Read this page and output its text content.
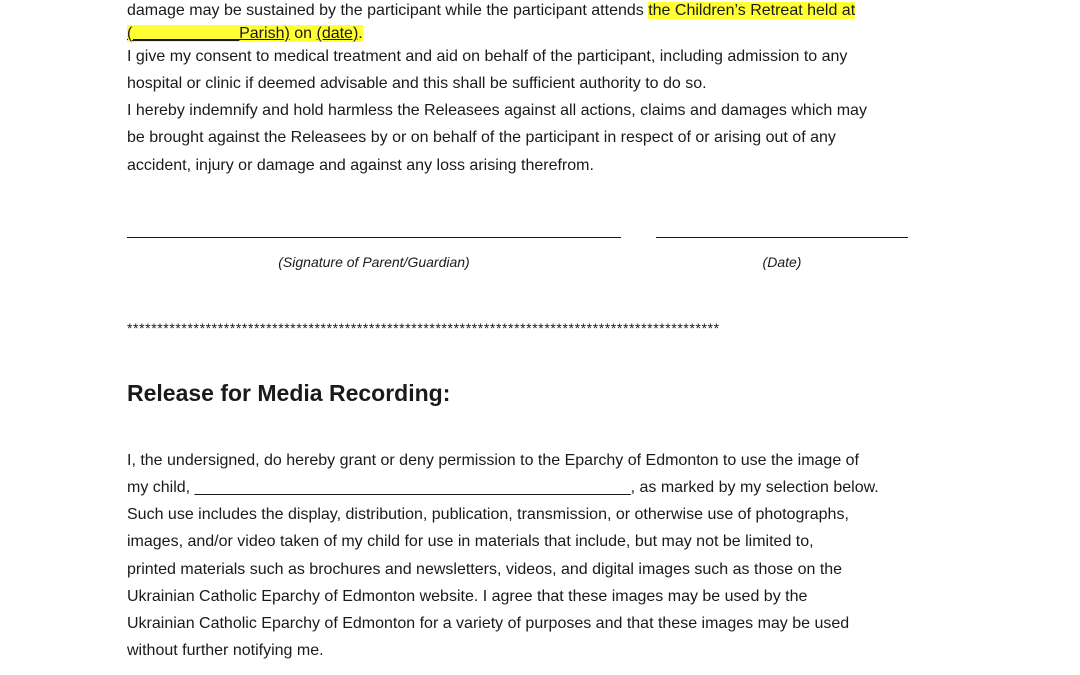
damage may be sustained by the participant while the participant attends the Children’s Retreat held at
(____________Parish) on (date).
I give my consent to medical treatment and aid on behalf of the participant, including admission to any
hospital or clinic if deemed advisable and this shall be sufficient authority to do so.
I hereby indemnify and hold harmless the Releasees against all actions, claims and damages which may
be brought against the Releasees by or on behalf of the participant in respect of or arising out of any
accident, injury or damage and against any loss arising therefrom.
(Signature of Parent/Guardian)	(Date)
**************************************************************************************************
Release for Media Recording:
I, the undersigned, do hereby grant or deny permission to the Eparchy of Edmonton to use the image of
my child, _________________________________________________, as marked by my selection below.
Such use includes the display, distribution, publication, transmission, or otherwise use of photographs,
images, and/or video taken of my child for use in materials that include, but may not be limited to,
printed materials such as brochures and newsletters, videos, and digital images such as those on the
Ukrainian Catholic Eparchy of Edmonton website. I agree that these images may be used by the
Ukrainian Catholic Eparchy of Edmonton for a variety of purposes and that these images may be used
without further notifying me.
